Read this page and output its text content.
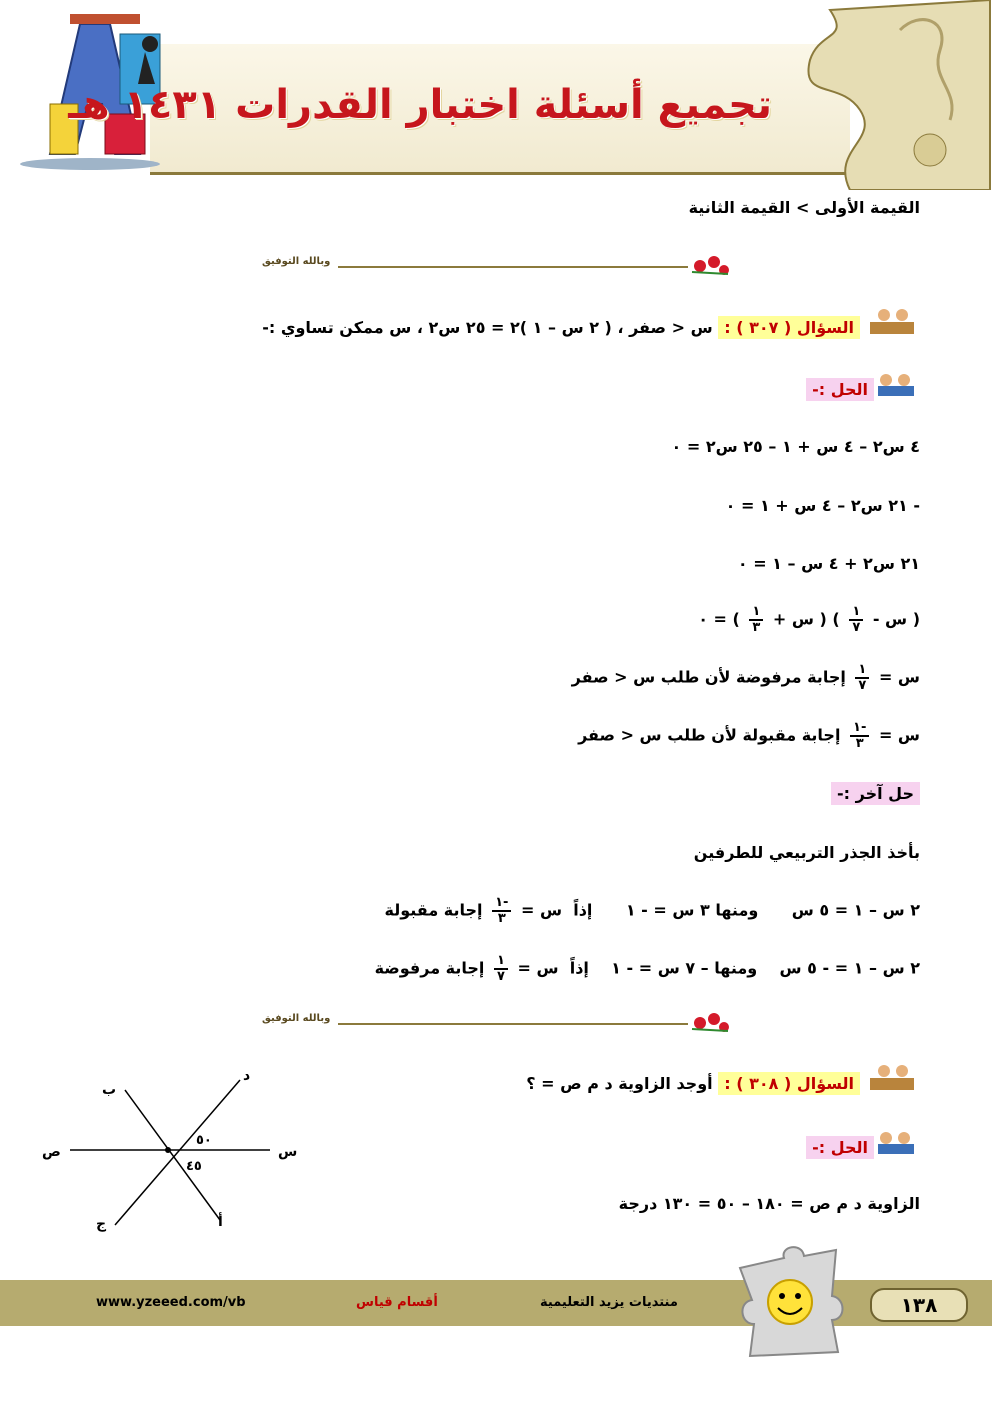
تجميع أسئلة اختبار القدرات ١٤٣١ هـ
القيمة الأولى > القيمة الثانية
وبالله التوفيق
السؤال ( ٣٠٧ ) : س < صفر ، ( ٢ س – ١ )٢ = ٢٥ س٢ ، س ممكن تساوي :-
الحل :-
٤ س٢ – ٤ س + ١ – ٢٥ س٢ = ٠
- ٢١ س٢ – ٤ س + ١ = ٠
٢١ س٢ + ٤ س – ١ = ٠
( س -
$\frac{١}{٧}$
) ( س +
$\frac{١}{٣}$
) = ٠
س =
$\frac{١}{٧}$
إجابة مرفوضة لأن طلب س < صفر
س =
$\frac{-١}{٣}$
إجابة مقبولة لأن طلب س < صفر
حل آخر :-
بأخذ الجذر التربيعي للطرفين
٢ س – ١ = ٥ س      ومنها ٣ س = - ١      إذاً  س =
$\frac{-١}{٣}$
إجابة مقبولة
٢ س – ١ = - ٥ س    ومنها – ٧ س = - ١    إذاً  س =
$\frac{١}{٧}$
إجابة مرفوضة
وبالله التوفيق
السؤال ( ٣٠٨ ) : أوجد الزاوية د م ص = ؟
الحل :-
الزاوية د م ص = ١٨٠ – ٥٠ = ١٣٠ درجة
د
ب
س
ص
أ
ج
٥٠
٤٥
www.yzeeed.com/vb	أقسام قياس	منتديات يزيد التعليمية	١٣٨
